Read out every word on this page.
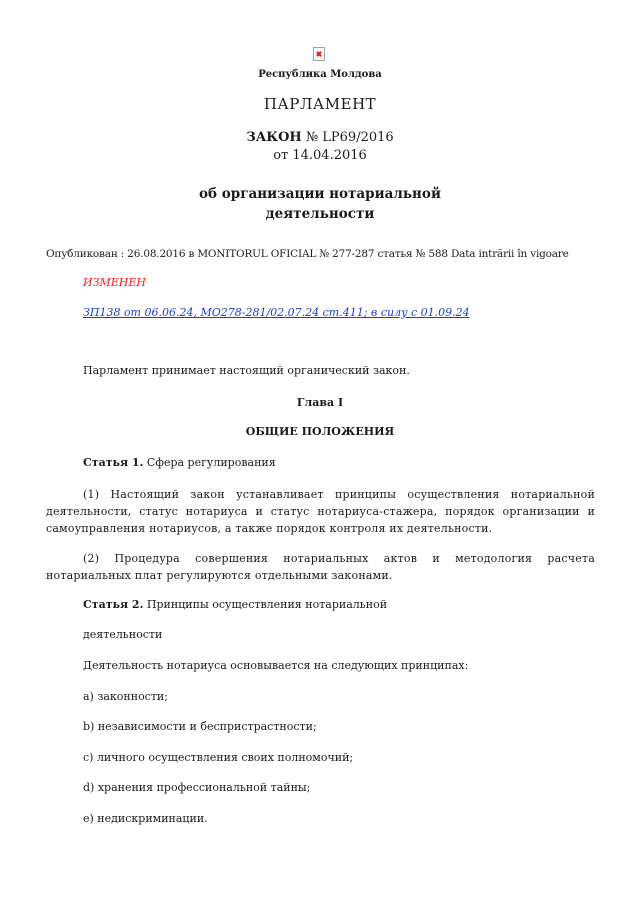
Республика Молдова
ПАРЛАМЕНТ
ЗАКОН № LP69/2016
от 14.04.2016
об организации нотариальной
деятельности
Опубликован : 26.08.2016 в MONITORUL OFICIAL № 277-287 статья № 588 Data intrării în vigoare
ИЗМЕНЕН
ЗП138 от 06.06.24, MO278-281/02.07.24 ст.411; в силу с 01.09.24
Парламент принимает настоящий органический закон.
Глава I
ОБЩИЕ ПОЛОЖЕНИЯ
Статья 1. Сфера регулирования
(1) Настоящий закон устанавливает принципы осуществления нотариальной деятельности, статус нотариуса и статус нотариуса-стажера, порядок организации и самоуправления нотариусов, а также порядок контроля их деятельности.
(2) Процедура совершения нотариальных актов и методология расчета нотариальных плат регулируются отдельными законами.
Статья 2. Принципы осуществления нотариальной
деятельности
Деятельность нотариуса основывается на следующих принципах:
a) законности;
b) независимости и беспристрастности;
c) личного осуществления своих полномочий;
d) хранения профессиональной тайны;
e) недискриминации.
